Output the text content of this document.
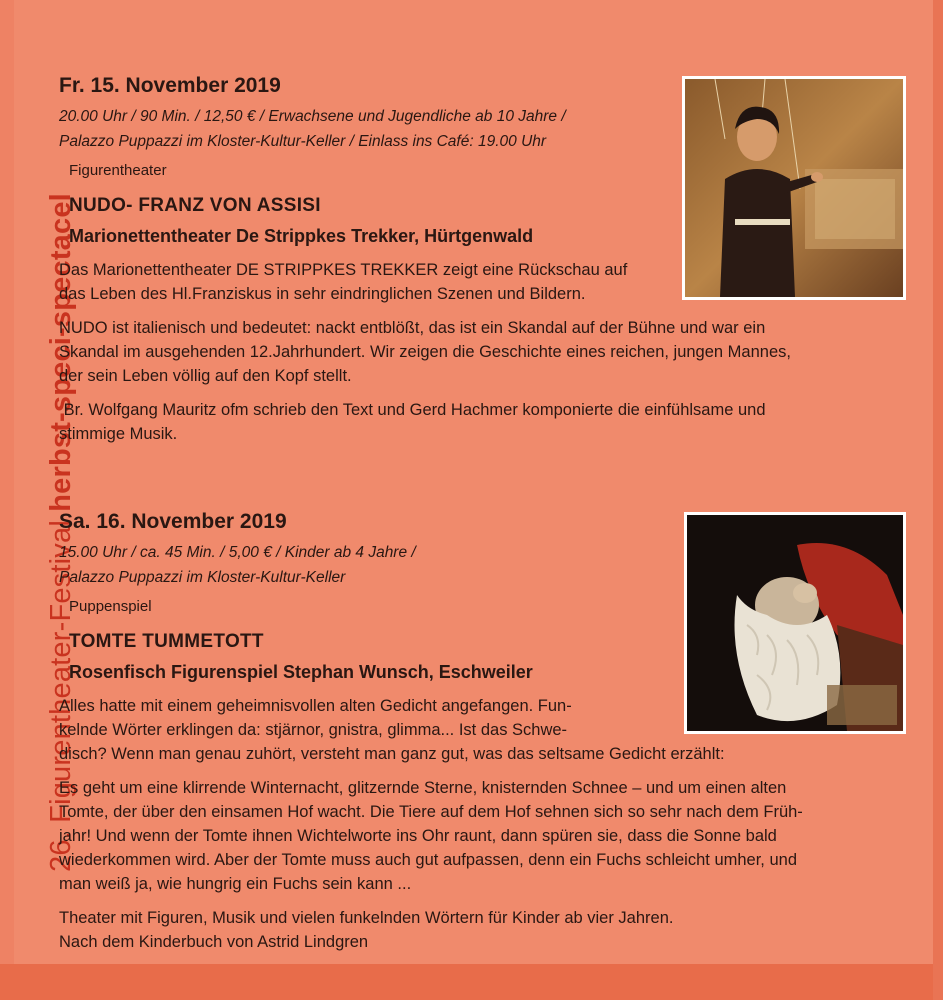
26. Figurentheater-Festival herbst-speci-spectacel
Fr. 15. November 2019
20.00 Uhr / 90 Min. / 12,50 € / Erwachsene und Jugendliche ab 10 Jahre /
Palazzo Puppazzi im Kloster-Kultur-Keller / Einlass ins Café: 19.00 Uhr
Figurentheater
NUDO- FRANZ VON ASSISI
Marionettentheater De Strippkes Trekker, Hürtgenwald
Das Marionettentheater DE STRIPPKES TREKKER zeigt eine Rückschau auf
das Leben des Hl.Franziskus in sehr eindringlichen Szenen und Bildern.
NUDO ist italienisch und bedeutet: nackt entblößt, das ist ein Skandal auf der Bühne und war ein
Skandal im ausgehenden 12.Jahrhundert. Wir zeigen die Geschichte eines reichen, jungen Mannes,
der sein Leben völlig auf den Kopf stellt.
Br. Wolfgang Mauritz ofm schrieb den Text und Gerd Hachmer komponierte die einfühlsame und
stimmige Musik.
Sa. 16. November 2019
15.00 Uhr / ca. 45 Min. / 5,00 € / Kinder ab 4 Jahre /
Palazzo Puppazzi im Kloster-Kultur-Keller
Puppenspiel
TOMTE TUMMETOTT
Rosenfisch Figurenspiel Stephan Wunsch, Eschweiler
Alles hatte mit einem geheimnisvollen alten Gedicht angefangen. Fun-
kelnde Wörter erklingen da: stjärnor, gnistra, glimma... Ist das Schwe-
disch? Wenn man genau zuhört, versteht man ganz gut, was das seltsame Gedicht erzählt:
Es geht um eine klirrende Winternacht, glitzernde Sterne, knisternden Schnee – und um einen alten
Tomte, der über den einsamen Hof wacht. Die Tiere auf dem Hof sehnen sich so sehr nach dem Früh-
jahr! Und wenn der Tomte ihnen Wichtelworte ins Ohr raunt, dann spüren sie, dass die Sonne bald
wiederkommen wird. Aber der Tomte muss auch gut aufpassen, denn ein Fuchs schleicht umher, und
man weiß ja, wie hungrig ein Fuchs sein kann ...
Theater mit Figuren, Musik und vielen funkelnden Wörtern für Kinder ab vier Jahren.
Nach dem Kinderbuch von Astrid Lindgren
